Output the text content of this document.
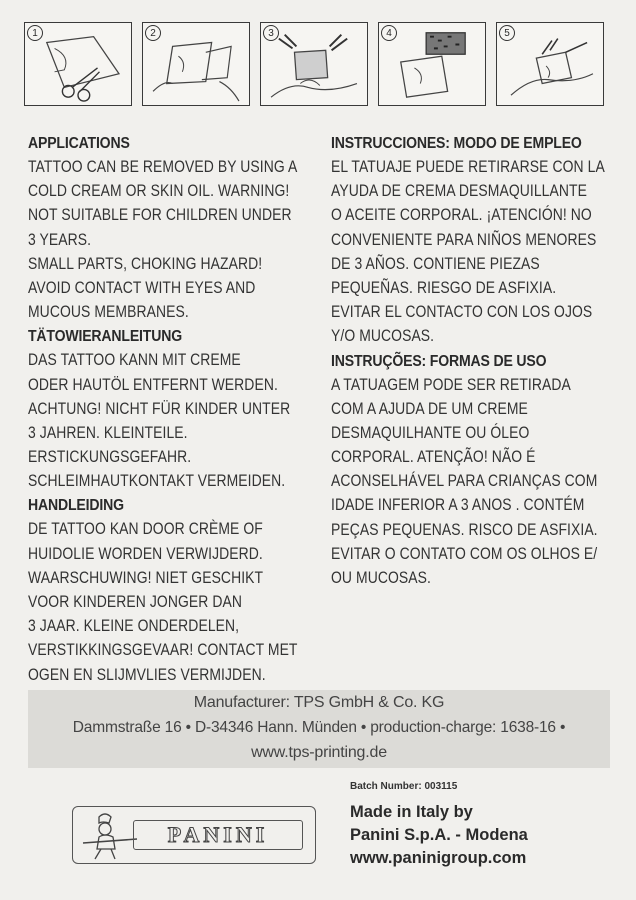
1	2	3	4	5
APPLICATIONS
TATTOO CAN BE REMOVED BY USING A
COLD CREAM OR SKIN OIL. WARNING!
NOT SUITABLE FOR CHILDREN UNDER
3 YEARS.
SMALL PARTS, CHOKING HAZARD!
AVOID CONTACT WITH EYES AND
MUCOUS MEMBRANES.
TÄTOWIERANLEITUNG
DAS TATTOO KANN MIT CREME
ODER HAUTÖL ENTFERNT WERDEN.
ACHTUNG! NICHT FÜR KINDER UNTER
3 JAHREN. KLEINTEILE.
ERSTICKUNGSGEFAHR.
SCHLEIMHAUTKONTAKT VERMEIDEN.
HANDLEIDING
DE TATTOO KAN DOOR CRÈME OF
HUIDOLIE WORDEN VERWIJDERD.
WAARSCHUWING! NIET GESCHIKT
VOOR KINDEREN JONGER DAN
3 JAAR. KLEINE ONDERDELEN,
VERSTIKKINGSGEVAAR! CONTACT MET
OGEN EN SLIJMVLIES VERMIJDEN.
INSTRUCCIONES: MODO DE EMPLEO
EL TATUAJE PUEDE RETIRARSE CON LA
AYUDA DE CREMA DESMAQUILLANTE
O ACEITE CORPORAL. ¡ATENCIÓN! NO
CONVENIENTE PARA NIÑOS MENORES
DE 3 AÑOS. CONTIENE PIEZAS
PEQUEÑAS. RIESGO DE ASFIXIA.
EVITAR EL CONTACTO CON LOS OJOS
Y/O MUCOSAS.
INSTRUÇÕES: FORMAS DE USO
A TATUAGEM PODE SER RETIRADA
COM A AJUDA DE UM CREME
DESMAQUILHANTE OU ÓLEO
CORPORAL. ATENÇÃO! NÃO É
ACONSELHÁVEL PARA CRIANÇAS COM
IDADE INFERIOR A 3 ANOS . CONTÉM
PEÇAS PEQUENAS. RISCO DE ASFIXIA.
EVITAR O CONTATO COM OS OLHOS E/
OU MUCOSAS.
Manufacturer: TPS GmbH & Co. KG
Dammstraße 16 • D-34346 Hann. Münden • production-charge: 1638-16 •
www.tps-printing.de
Batch Number: 003115
Made in Italy by
Panini S.p.A. - Modena
www.paninigroup.com
PANINI
